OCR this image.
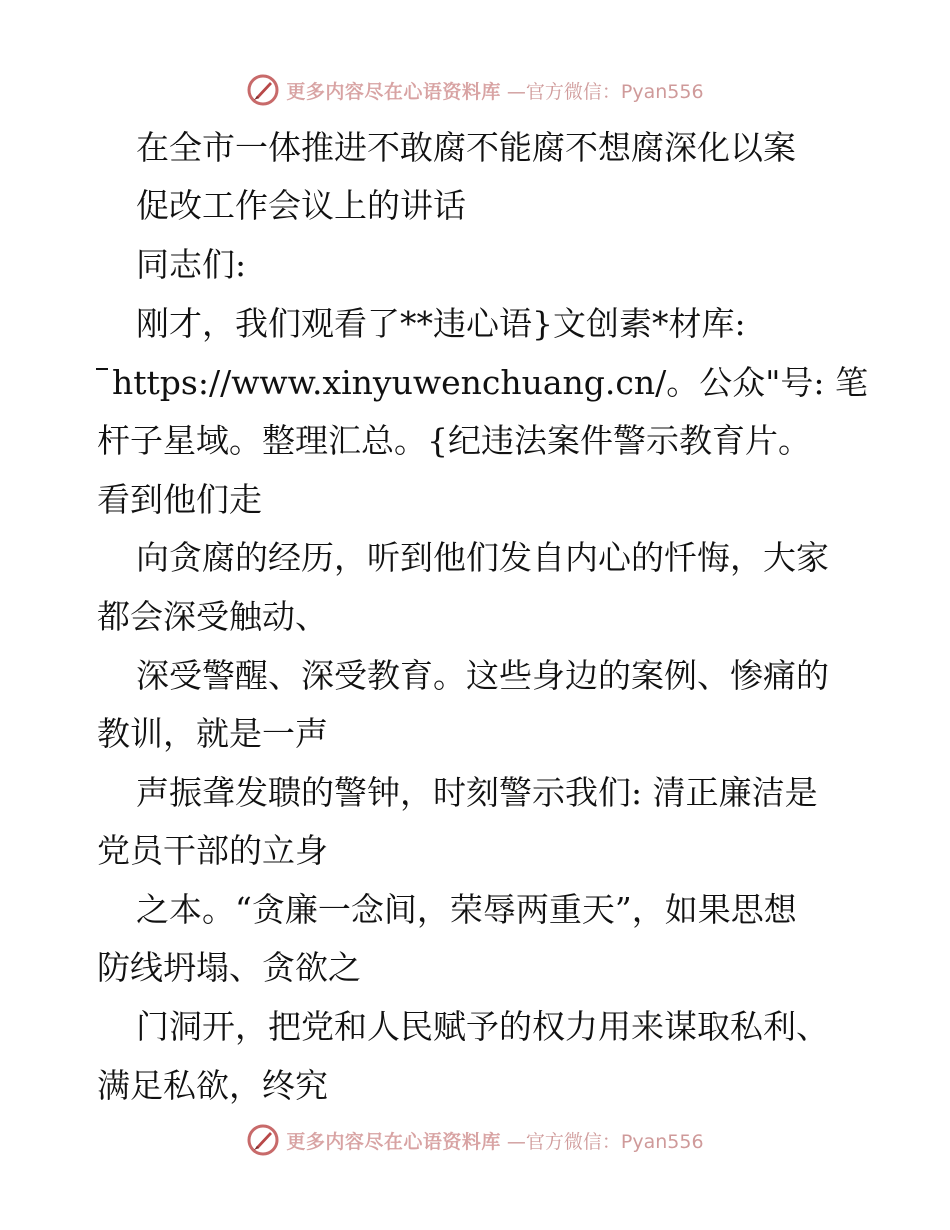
更多内容尽在心语资料库 —官方微信：Pyan556
在全市一体推进不敢腐不能腐不想腐深化以案
促改工作会议上的讲话
同志们:
刚才，我们观看了**违心语}文创素*材库:
https://www.xinyuwenchuang.cn/。公众"号: 笔
杆子星域。整理汇总。{纪违法案件警示教育片。
看到他们走
向贪腐的经历，听到他们发自内心的忏悔，大家
都会深受触动、
深受警醒、深受教育。这些身边的案例、惨痛的
教训，就是一声
声振聋发聩的警钟，时刻警示我们: 清正廉洁是
党员干部的立身
之本。“贪廉一念间，荣辱两重天”，如果思想
防线坍塌、贪欲之
门洞开，把党和人民赋予的权力用来谋取私利、
满足私欲，终究
更多内容尽在心语资料库 —官方微信：Pyan556
